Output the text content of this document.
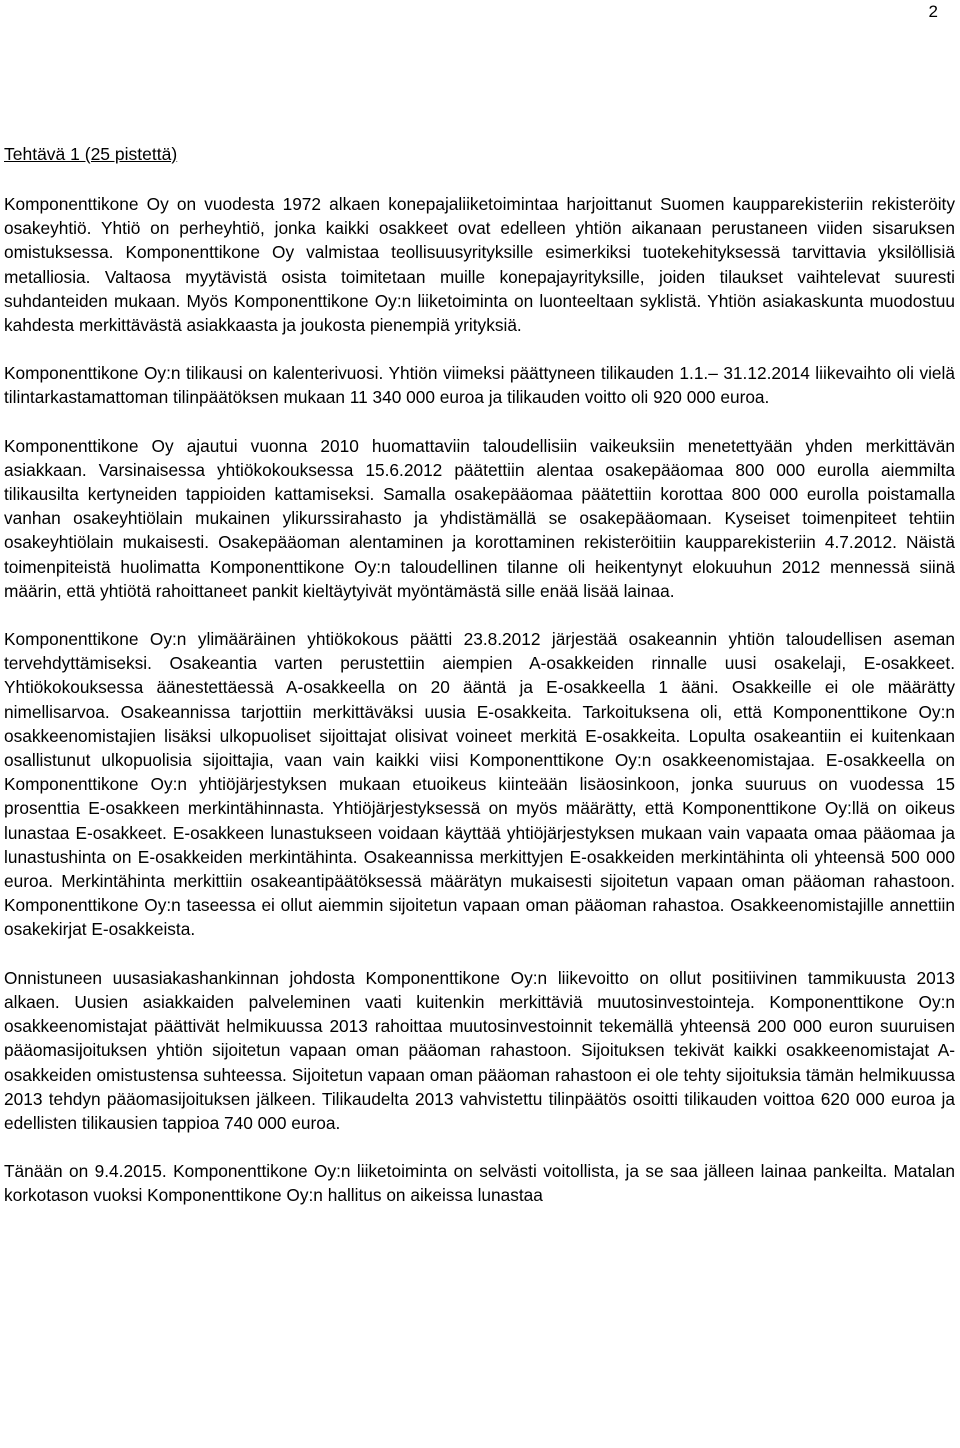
2
Tehtävä 1 (25 pistettä)

Komponenttikone Oy on vuodesta 1972 alkaen konepajaliiketoimintaa harjoittanut Suomen kaupparekisteriin rekisteröity osakeyhtiö. Yhtiö on perheyhtiö, jonka kaikki osakkeet ovat edelleen yhtiön aikanaan perustaneen viiden sisaruksen omistuksessa. Komponenttikone Oy valmistaa teollisuusyrityksille esimerkiksi tuotekehityksessä tarvittavia yksilöllisiä metalliosia. Valtaosa myytävistä osista toimitetaan muille konepajayrityksille, joiden tilaukset vaihtelevat suuresti suhdanteiden mukaan. Myös Komponenttikone Oy:n liiketoiminta on luonteeltaan syklistä. Yhtiön asiakaskunta muodostuu kahdesta merkittävästä asiakkaasta ja joukosta pienempiä yrityksiä.

Komponenttikone Oy:n tilikausi on kalenterivuosi. Yhtiön viimeksi päättyneen tilikauden 1.1.– 31.12.2014 liikevaihto oli vielä tilintarkastamattoman tilinpäätöksen mukaan 11 340 000 euroa ja tilikauden voitto oli 920 000 euroa.

Komponenttikone Oy ajautui vuonna 2010 huomattaviin taloudellisiin vaikeuksiin menetettyään yhden merkittävän asiakkaan. Varsinaisessa yhtiökokouksessa 15.6.2012 päätettiin alentaa osakepääomaa 800 000 eurolla aiemmilta tilikausilta kertyneiden tappioiden kattamiseksi. Samalla osakepääomaa päätettiin korottaa 800 000 eurolla poistamalla vanhan osakeyhtiölain mukainen ylikurssirahasto ja yhdistämällä se osakepääomaan. Kyseiset toimenpiteet tehtiin osakeyhtiölain mukaisesti. Osakepääoman alentaminen ja korottaminen rekisteröitiin kaupparekisteriin 4.7.2012. Näistä toimenpiteistä huolimatta Komponenttikone Oy:n taloudellinen tilanne oli heikentynyt elokuuhun 2012 mennessä siinä määrin, että yhtiötä rahoittaneet pankit kieltäytyivät myöntämästä sille enää lisää lainaa.

Komponenttikone Oy:n ylimääräinen yhtiökokous päätti 23.8.2012 järjestää osakeannin yhtiön taloudellisen aseman tervehdyttämiseksi. Osakeantia varten perustettiin aiempien A-osakkeiden rinnalle uusi osakelaji, E-osakkeet. Yhtiökokouksessa äänestettäessä A-osakkeella on 20 ääntä ja E-osakkeella 1 ääni. Osakkeille ei ole määrätty nimellisarvoa. Osakeannissa tarjottiin merkittäväksi uusia E-osakkeita. Tarkoituksena oli, että Komponenttikone Oy:n osakkeenomistajien lisäksi ulkopuoliset sijoittajat olisivat voineet merkitä E-osakkeita. Lopulta osakeantiin ei kuitenkaan osallistunut ulkopuolisia sijoittajia, vaan vain kaikki viisi Komponenttikone Oy:n osakkeenomistajaa. E-osakkeella on Komponenttikone Oy:n yhtiöjärjestyksen mukaan etuoikeus kiinteään lisäosinkoon, jonka suuruus on vuodessa 15 prosenttia E-osakkeen merkintähinnasta. Yhtiöjärjestyksessä on myös määrätty, että Komponenttikone Oy:llä on oikeus lunastaa E-osakkeet. E-osakkeen lunastukseen voidaan käyttää yhtiöjärjestyksen mukaan vain vapaata omaa pääomaa ja lunastushinta on E-osakkeiden merkintähinta. Osakeannissa merkittyjen E-osakkeiden merkintähinta oli yhteensä 500 000 euroa. Merkintähinta merkittiin osakeantipäätöksessä määrätyn mukaisesti sijoitetun vapaan oman pääoman rahastoon. Komponenttikone Oy:n taseessa ei ollut aiemmin sijoitetun vapaan oman pääoman rahastoa. Osakkeenomistajille annettiin osakekirjat E-osakkeista.

Onnistuneen uusasiakashankinnan johdosta Komponenttikone Oy:n liikevoitto on ollut positiivinen tammikuusta 2013 alkaen. Uusien asiakkaiden palveleminen vaati kuitenkin merkittäviä muutosinvestointeja. Komponenttikone Oy:n osakkeenomistajat päättivät helmikuussa 2013 rahoittaa muutosinvestoinnit tekemällä yhteensä 200 000 euron suuruisen pääomasijoituksen yhtiön sijoitetun vapaan oman pääoman rahastoon. Sijoituksen tekivät kaikki osakkeenomistajat A-osakkeiden omistustensa suhteessa. Sijoitetun vapaan oman pääoman rahastoon ei ole tehty sijoituksia tämän helmikuussa 2013 tehdyn pääomasijoituksen jälkeen. Tilikaudelta 2013 vahvistettu tilinpäätös osoitti tilikauden voittoa 620 000 euroa ja edellisten tilikausien tappioa 740 000 euroa.

Tänään on 9.4.2015. Komponenttikone Oy:n liiketoiminta on selvästi voitollista, ja se saa jälleen lainaa pankeilta. Matalan korkotason vuoksi Komponenttikone Oy:n hallitus on aikeissa lunastaa
